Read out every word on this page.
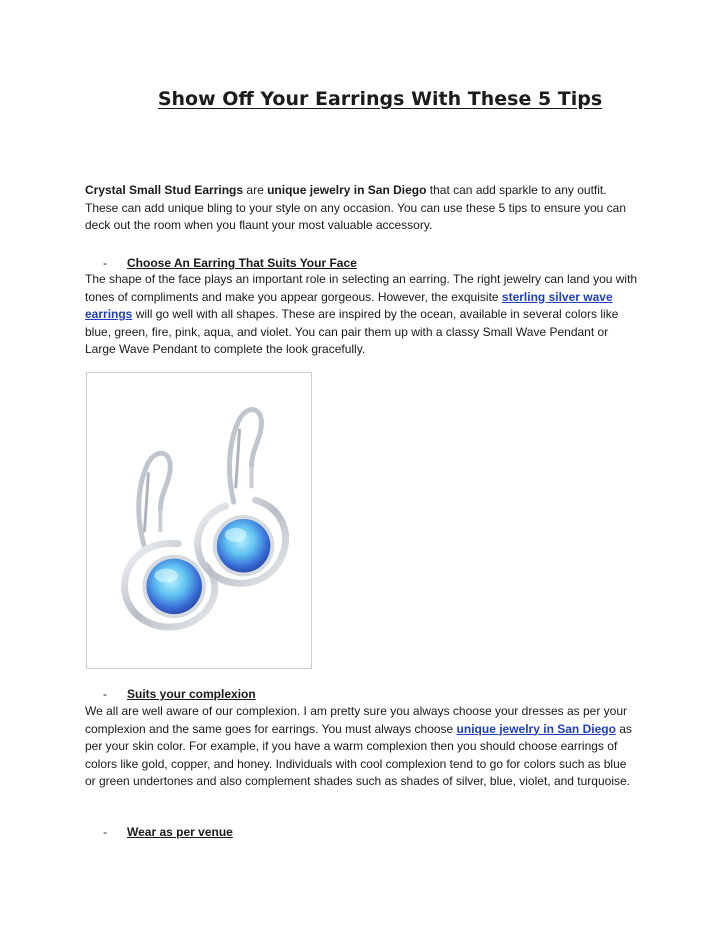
Show Off Your Earrings With These 5 Tips

Crystal Small Stud Earrings are unique jewelry in San Diego that can add sparkle to any outfit. These can add unique bling to your style on any occasion. You can use these 5 tips to ensure you can deck out the room when you flaunt your most valuable accessory.

- Choose An Earring That Suits Your Face

The shape of the face plays an important role in selecting an earring. The right jewelry can land you with tones of compliments and make you appear gorgeous. However, the exquisite sterling silver wave earrings will go well with all shapes. These are inspired by the ocean, available in several colors like blue, green, fire, pink, aqua, and violet. You can pair them up with a classy Small Wave Pendant or Large Wave Pendant to complete the look gracefully.

- Suits your complexion

We all are well aware of our complexion. I am pretty sure you always choose your dresses as per your complexion and the same goes for earrings. You must always choose unique jewelry in San Diego as per your skin color. For example, if you have a warm complexion then you should choose earrings of colors like gold, copper, and honey. Individuals with cool complexion tend to go for colors such as blue or green undertones and also complement shades such as shades of silver, blue, violet, and turquoise.

- Wear as per venue
